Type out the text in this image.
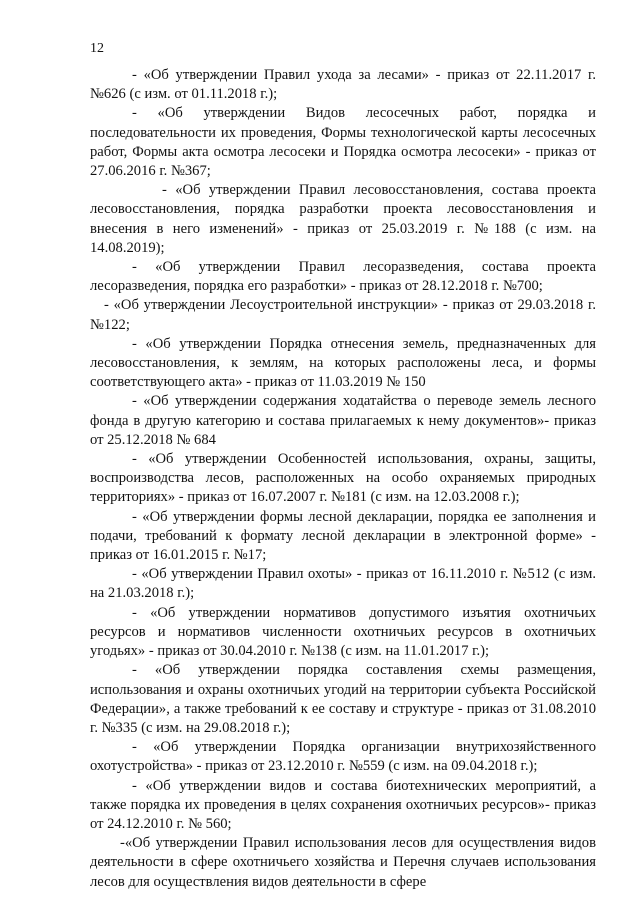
12

- «Об утверждении Правил ухода за лесами» - приказ от 22.11.2017 г. №626 (с изм. от 01.11.2018 г.);

- «Об утверждении Видов лесосечных работ, порядка и последовательности их проведения, Формы технологической карты лесосечных работ, Формы акта осмотра лесосеки и Порядка осмотра лесосеки» - приказ от 27.06.2016 г. №367;

- «Об утверждении Правил лесовосстановления, состава проекта лесовосстановления, порядка разработки проекта лесовосстановления и внесения в него изменений» - приказ от 25.03.2019 г. №188 (с изм. на 14.08.2019);

- «Об утверждении Правил лесоразведения, состава проекта лесоразведения, порядка его разработки» - приказ от 28.12.2018 г. №700;

- «Об утверждении Лесоустроительной инструкции» - приказ от 29.03.2018 г. №122;

- «Об утверждении Порядка отнесения земель, предназначенных для лесовосстановления, к землям, на которых расположены леса, и формы соответствующего акта» - приказ от 11.03.2019 № 150

- «Об утверждении содержания ходатайства о переводе земель лесного фонда в другую категорию и состава прилагаемых к нему документов»- приказ от 25.12.2018 № 684

- «Об утверждении Особенностей использования, охраны, защиты, воспроизводства лесов, расположенных на особо охраняемых природных территориях» - приказ от 16.07.2007 г. №181 (с изм. на 12.03.2008 г.);

- «Об утверждении формы лесной декларации, порядка ее заполнения и подачи, требований к формату лесной декларации в электронной форме» - приказ от 16.01.2015 г. №17;

- «Об утверждении Правил охоты» - приказ от 16.11.2010 г. №512 (с изм. на 21.03.2018 г.);

- «Об утверждении нормативов допустимого изъятия охотничьих ресурсов и нормативов численности охотничьих ресурсов в охотничьих угодьях» - приказ от 30.04.2010 г. №138 (с изм. на 11.01.2017 г.);

- «Об утверждении порядка составления схемы размещения, использования и охраны охотничьих угодий на территории субъекта Российской Федерации», а также требований к ее составу и структуре - приказ от 31.08.2010 г. №335 (с изм. на 29.08.2018 г.);

- «Об утверждении Порядка организации внутрихозяйственного охотустройства» - приказ от 23.12.2010 г. №559 (с изм. на 09.04.2018 г.);

- «Об утверждении видов и состава биотехнических мероприятий, а также порядка их проведения в целях сохранения охотничьих ресурсов»- приказ от 24.12.2010 г. № 560;

-«Об утверждении Правил использования лесов для осуществления видов деятельности в сфере охотничьего хозяйства и Перечня случаев использования лесов для осуществления видов деятельности в сфере
